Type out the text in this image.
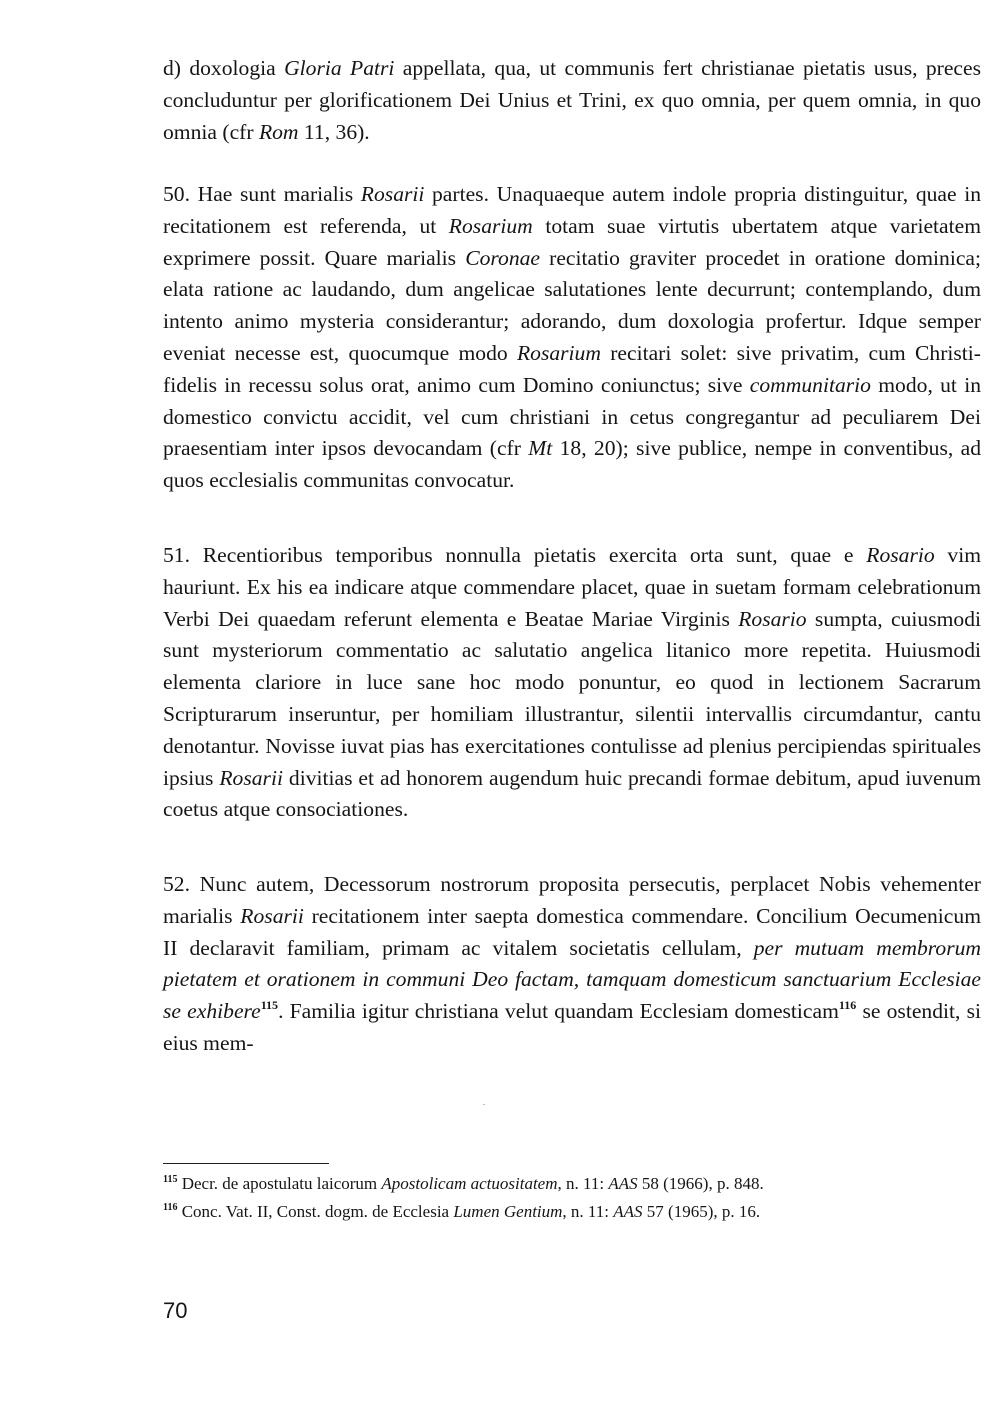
d) doxologia Gloria Patri appellata, qua, ut communis fert christianae pietatis usus, preces concluduntur per glorificationem Dei Unius et Trini, ex quo omnia, per quem omnia, in quo omnia (cfr Rom 11, 36).

50. Hae sunt marialis Rosarii partes. Unaquaeque autem indole propria distinguitur, quae in recitationem est referenda, ut Rosarium totam suae virtutis ubertatem atque varietatem exprimere possit. Quare marialis Coronae recitatio graviter procedet in oratione dominica; elata ratione ac laudando, dum angelicae salutationes lente decurrunt; contemplando, dum intento animo mysteria considerantur; adorando, dum doxologia profertur. Idque semper eveniat necesse est, quocumque modo Rosarium recitari solet: sive privatim, cum Christifidelis in recessu solus orat, animo cum Domino coniunctus; sive communitario modo, ut in domestico convictu accidit, vel cum christiani in cetus congregantur ad peculiarem Dei praesentiam inter ipsos devocandam (cfr Mt 18, 20); sive publice, nempe in conventibus, ad quos ecclesialis communitas convocatur.

51. Recentioribus temporibus nonnulla pietatis exercita orta sunt, quae e Rosario vim hauriunt. Ex his ea indicare atque commendare placet, quae in suetam formam celebrationum Verbi Dei quaedam referunt elementa e Beatae Mariae Virginis Rosario sumpta, cuiusmodi sunt mysteriorum commentatio ac salutatio angelica litanico more repetita. Huiusmodi elementa clariore in luce sane hoc modo ponuntur, eo quod in lectionem Sacrarum Scripturarum inseruntur, per homiliam illustrantur, silentii intervallis circumdantur, cantu denotantur. Novisse iuvat pias has exercitationes contulisse ad plenius percipiendas spirituales ipsius Rosarii divitias et ad honorem augendum huic precandi formae debitum, apud iuvenum coetus atque consociationes.

52. Nunc autem, Decessorum nostrorum proposita persecutis, perplacet Nobis vehementer marialis Rosarii recitationem inter saepta domestica commendare. Concilium Oecumenicum II declaravit familiam, primam ac vitalem societatis cellulam, per mutuam membrorum pietatem et orationem in communi Deo factam, tamquam domesticum sanctuarium Ecclesiae se exhibere$^{115}$. Familia igitur christiana velut quandam Ecclesiam domesticam$^{116}$ se ostendit, si eius mem-

$^{115}$ Decr. de apostulatu laicorum Apostolicam actuositatem, n. 11: AAS 58 (1966), p. 848.

$^{116}$ Conc. Vat. II, Const. dogm. de Ecclesia Lumen Gentium, n. 11: AAS 57 (1965), p. 16.

70
